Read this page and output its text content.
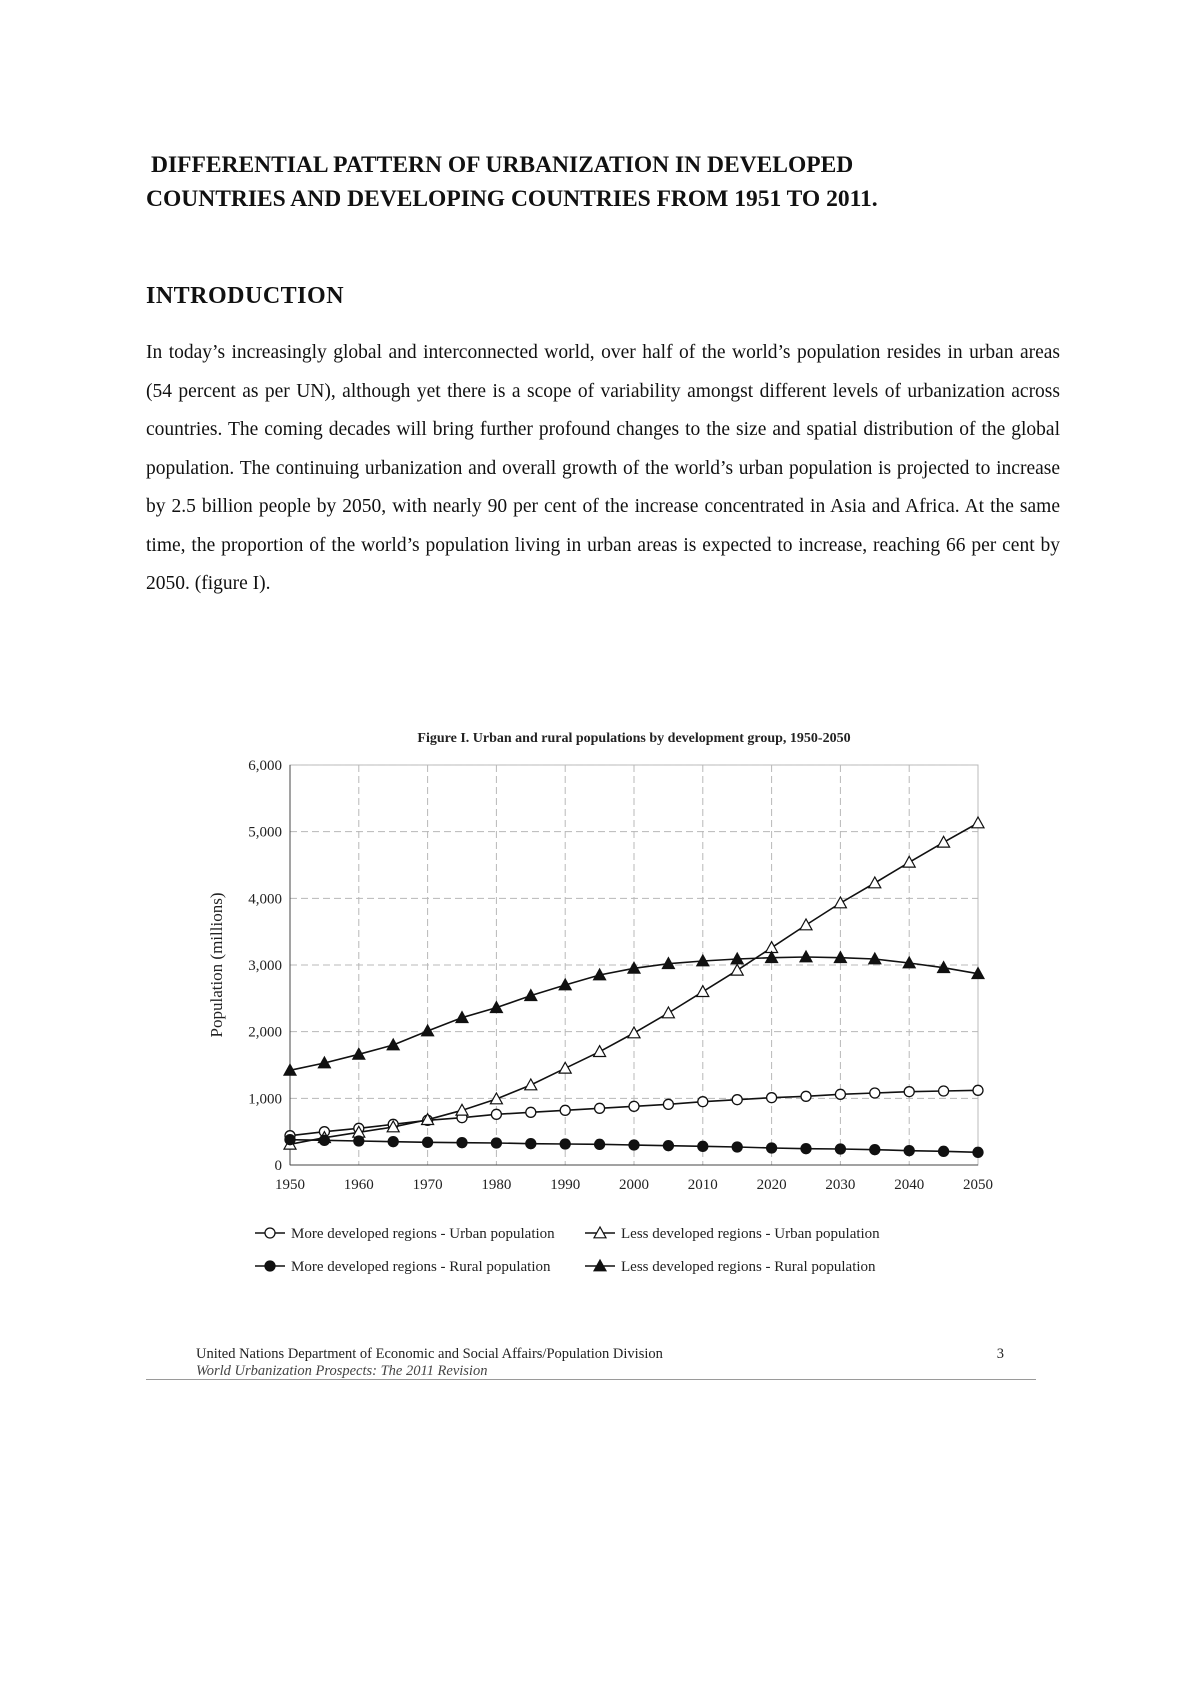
DIFFERENTIAL PATTERN OF URBANIZATION IN DEVELOPED
COUNTRIES AND DEVELOPING COUNTRIES FROM 1951 TO 2011.
INTRODUCTION

In today’s increasingly global and interconnected world, over half of the world’s population resides in urban areas (54 percent as per UN), although yet there is a scope of variability amongst different levels of urbanization across countries. The coming decades will bring further profound changes to the size and spatial distribution of the global population. The continuing urbanization and overall growth of the world’s urban population is projected to increase by 2.5 billion people by 2050, with nearly 90 per cent of the increase concentrated in Asia and Africa. At the same time, the proportion of the world’s population living in urban areas is expected to increase, reaching 66 per cent by 2050. (figure I).

Figure I. Urban and rural populations by development group, 1950-2050
0
1,000
2,000
3,000
4,000
5,000
6,000
1950	1960	1970	1980	1990	2000	2010	2020	2030	2040	2050
Population (millions)
More developed regions - Urban population	Less developed regions - Urban population
More developed regions - Rural population	Less developed regions - Rural population
United Nations Department of Economic and Social Affairs/Population Division
World Urbanization Prospects: The 2011 Revision
3
